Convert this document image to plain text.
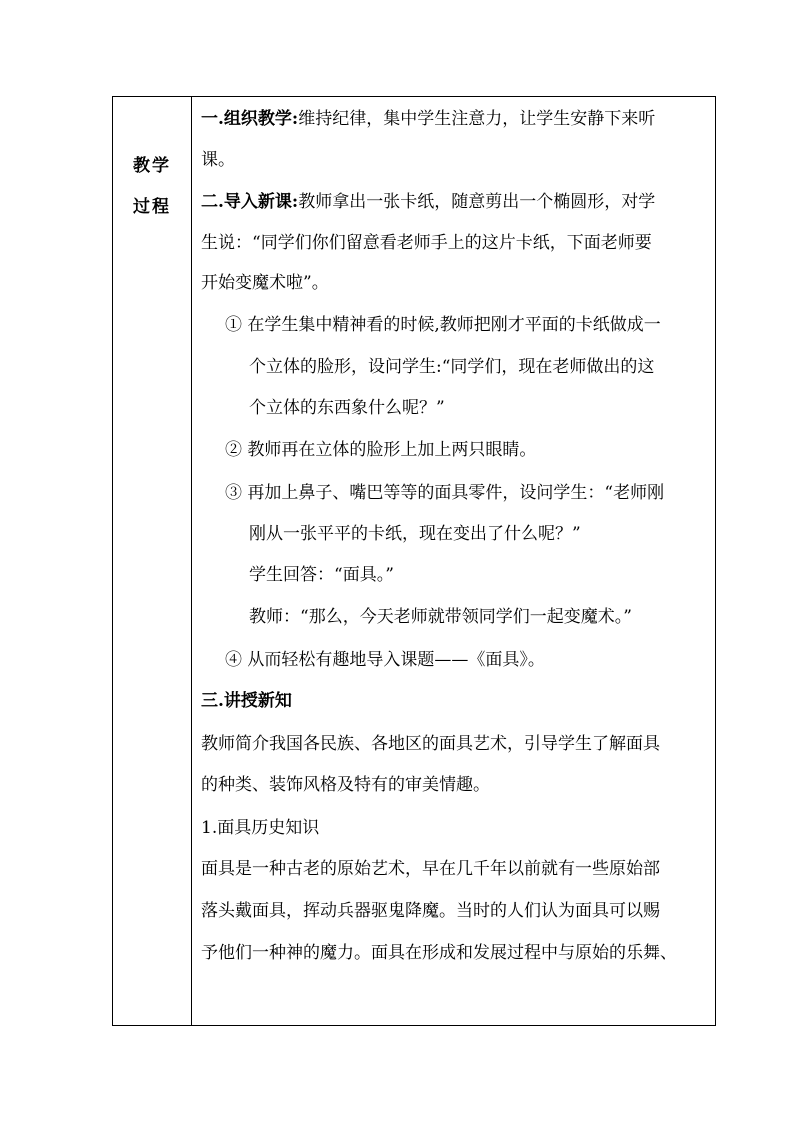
教学
过程
一.组织教学:维持纪律，集中学生注意力，让学生安静下来听
课。
二.导入新课:教师拿出一张卡纸，随意剪出一个椭圆形，对学
生说：“同学们你们留意看老师手上的这片卡纸，下面老师要
开始变魔术啦”。
① 在学生集中精神看的时候,教师把刚才平面的卡纸做成一
个立体的脸形，设问学生:“同学们，现在老师做出的这
个立体的东西象什么呢？”
② 教师再在立体的脸形上加上两只眼睛。
③ 再加上鼻子、嘴巴等等的面具零件，设问学生：“老师刚
刚从一张平平的卡纸，现在变出了什么呢？”
学生回答：“面具。”
教师：“那么，今天老师就带领同学们一起变魔术。”
④ 从而轻松有趣地导入课题——《面具》。
三.讲授新知
教师简介我国各民族、各地区的面具艺术，引导学生了解面具
的种类、装饰风格及特有的审美情趣。
1.面具历史知识
面具是一种古老的原始艺术，早在几千年以前就有一些原始部
落头戴面具，挥动兵器驱鬼降魔。当时的人们认为面具可以赐
予他们一种神的魔力。面具在形成和发展过程中与原始的乐舞、
